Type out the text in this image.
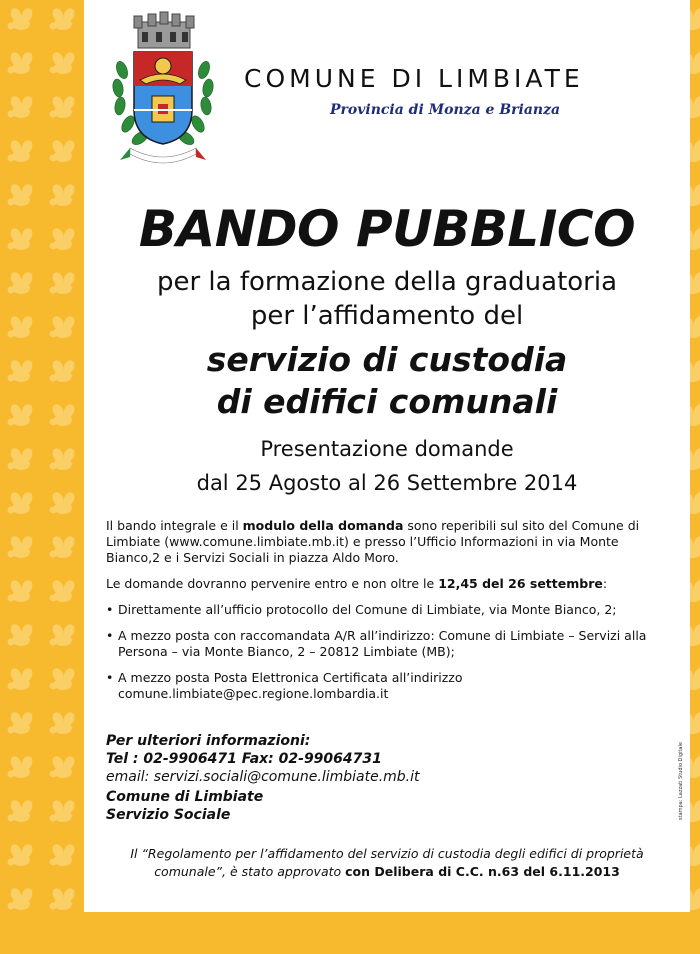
COMUNE DI LIMBIATE
Provincia di Monza e Brianza
BANDO PUBBLICO
per la formazione della graduatoria
per l’affidamento del
servizio di custodia
di edifici comunali
Presentazione domande
dal 25 Agosto al 26 Settembre 2014
Il bando integrale e il modulo della domanda sono reperibili sul sito del Comune di Limbiate (www.comune.limbiate.mb.it) e presso l’Ufficio Informazioni in via Monte Bianco,2 e i Servizi Sociali in piazza Aldo Moro.
Le domande dovranno pervenire entro e non oltre le 12,45 del 26 settembre:
• Direttamente all’ufficio protocollo del Comune di Limbiate, via Monte Bianco, 2;
• A mezzo posta con raccomandata A/R all’indirizzo: Comune di Limbiate – Servizi alla Persona – via Monte Bianco, 2 – 20812 Limbiate (MB);
• A mezzo posta Posta Elettronica Certificata all’indirizzo comune.limbiate@pec.regione.lombardia.it
Per ulteriori informazioni:
Tel : 02-9906471 Fax: 02-99064731
email: servizi.sociali@comune.limbiate.mb.it
Comune di Limbiate
Servizio Sociale
Il “Regolamento per l’affidamento del servizio di custodia degli edifici di proprietà
comunale”, è stato approvato con Delibera di C.C. n.63 del 6.11.2013
stampa: Lazzati Studio Digitale
